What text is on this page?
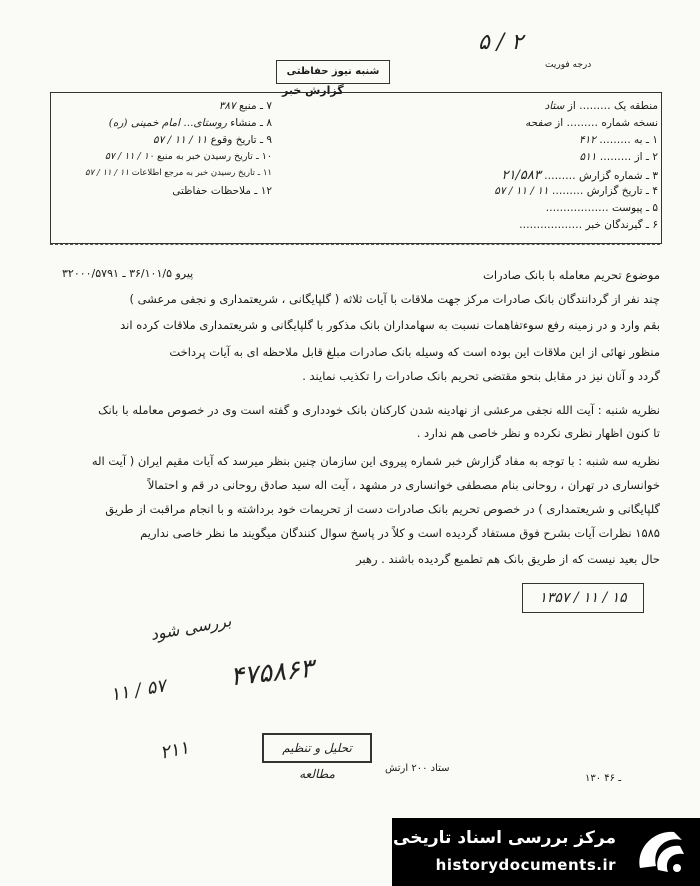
۵ / ۲
درجه فوریت
شنبه نیوز حفاظتی
گزارش خبر
منطقه یک ……… از ستاد
نسخه شماره ……… از صفحه
۱ ـ به ……… ۴۱۲
۲ ـ از ……… ۵۱۱
۳ ـ شماره گزارش ……… ۲۱/۵۸۳
۴ ـ تاریخ گزارش ……… ۱۱ / ۱۱ / ۵۷
۵ ـ پیوست ………………
۶ ـ گیرندگان خبر ………………
۷ ـ منبع ۳۸۷
۸ ـ منشاء روستای... امام خمینی (ره)
۹ ـ تاریخ وقوع ۱۱ / ۱۱ / ۵۷
۱۰ ـ تاریخ رسیدن خبر به منبع ۱۰ / ۱۱ / ۵۷
۱۱ ـ تاریخ رسیدن خبر به مرجع اطلاعات ۱۱ / ۱۱ / ۵۷
۱۲ ـ ملاحظات حفاظتی
موضوع تحریم معامله با بانک صادرات
پیرو ۳۶/۱۰۱/۵ ـ ۳۲۰۰۰/۵۷۹۱
چند نفر از گردانندگان بانک صادرات مرکز جهت ملاقات با آیات ثلاثه ( گلپایگانی ، شریعتمداری و نجفی مرعشی )
بقم وارد و در زمینه رفع سوءتفاهمات نسبت به سهامداران بانک مذکور با گلپایگانی و شریعتمداری ملاقات کرده اند
منظور نهائی از این ملاقات این بوده است که وسیله بانک صادرات مبلغ قابل ملاحظه ای به آیات پرداخت
گردد و آنان نیز در مقابل بنحو مقتضی تحریم بانک صادرات را تکذیب نمایند .
نظریه شنبه : آیت الله نجفی مرعشی از نهادینه شدن کارکنان بانک خودداری و گفته است وی در خصوص معامله با بانک
تا کنون اظهار نظری نکرده و نظر خاصی هم ندارد .
نظریه سه شنبه : با توجه به مفاد گزارش خبر شماره پیروی این سازمان چنین بنظر میرسد که آیات مقیم ایران ( آیت اله
خوانساری در تهران ، روحانی بنام مصطفی خوانساری در مشهد ، آیت اله سید صادق روحانی در قم و احتمالاً
گلپایگانی و شریعتمداری ) در خصوص تحریم بانک صادرات دست از تحریمات خود برداشته و با انجام مراقبت از طریق
۱۵۸۵ نظرات آیات بشرح فوق مستفاد گردیده است و کلاً در پاسخ سوال کنندگان میگویند ما نظر خاصی نداریم
حال بعید نیست که از طریق بانک هم تطمیع گردیده باشند . رهبر
۱۳۵۷ / ۱۱ / ۱۵
بررسی شود
۴۷۵۸۶۳
۱۱ / ۵۷
۲۱۱	تحلیل و تنظیم مطالعه	ستاد ۲۰۰ ارتش
۱۳۰ ـ ۴۶
مرکز بررسی اسناد تاریخی
historydocuments.ir
